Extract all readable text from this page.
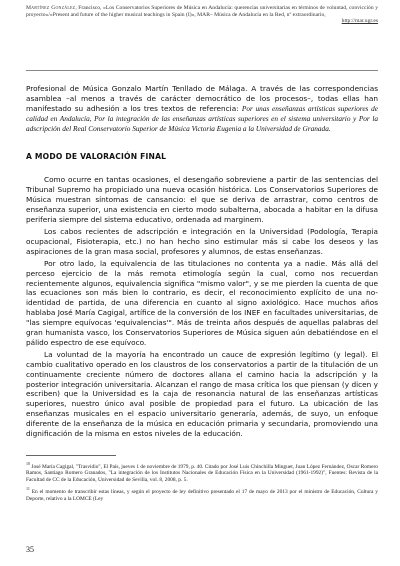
Martínez González, Francisco, «Los Conservatorios Superiores de Música en Andalucía: querencias universitarias en términos de voluntad, convicción y proyecto»/«Present and future of the higher musical teachings in Spain (I)», MAR– Música de Andalucía en la Red, nº extraordinario,
http://mar.ugr.es

Profesional de Música Gonzalo Martín Tenllado de Málaga. A través de las correspondencias asamblea –al menos a través de carácter democrático de los procesos–, todas ellas han manifestado su adhesión a los tres textos de referencia: Por unas enseñanzas artísticas superiores de calidad en Andalucía, Por la integración de las enseñanzas artísticas superiores en el sistema universitario y Por la adscripción del Real Conservatorio Superior de Música Victoria Eugenia a la Universidad de Granada.

A MODO DE VALORACIÓN FINAL

Como ocurre en tantas ocasiones, el desengaño sobreviene a partir de las sentencias del Tribunal Supremo ha propiciado una nueva ocasión histórica. Los Conservatorios Superiores de Música muestran síntomas de cansancio: el que se deriva de arrastrar, como centros de enseñanza superior, una existencia en cierto modo subalterna, abocada a habitar en la difusa periferia siempre del sistema educativo, ordenada ad marginem.

Los cabos recientes de adscripción e integración en la Universidad (Podología, Terapia ocupacional, Fisioterapia, etc.) no han hecho sino estimular más si cabe los deseos y las aspiraciones de la gran masa social, profesores y alumnos, de estas enseñanzas.

Por otro lado, la equivalencia de las titulaciones no contenta ya a nadie. Más allá del perceso ejercicio de la más remota etimología según la cual, como nos recuerdan recientemente algunos, equivalencia significa "mismo valor", y se me pierden la cuenta de que las ecuaciones son más bien lo contrario, es decir, el reconocimiento explícito de una no-identidad de partida, de una diferencia en cuanto al signo axiológico. Hace muchos años hablaba José María Cagigal, artífice de la conversión de los INEF en facultades universitarias, de "las siempre equívocas 'equivalencias'". Más de treinta años después de aquellas palabras del gran humanista vasco, los Conservatorios Superiores de Música siguen aún debatiéndose en el pálido espectro de ese equívoco.

La voluntad de la mayoría ha encontrado un cauce de expresión legítimo (y legal). El cambio cualitativo operado en los claustros de los conservatorios a partir de la titulación de un continuamente creciente número de doctores allana el camino hacia la adscripción y la posterior integración universitaria. Alcanzan el rango de masa crítica los que piensan (y dicen y escriben) que la Universidad es la caja de resonancia natural de las enseñanzas artísticas superiores, nuestro único aval posible de propiedad para el futuro. La ubicación de las enseñanzas musicales en el espacio universitario generaría, además, de suyo, un enfoque diferente de la enseñanza de la música en educación primaria y secundaria, promoviendo una dignificación de la misma en estos niveles de la educación.

$^{10}$ José María Cagigal, "Trasvidio", El País, jueves 1 de noviembre de 1979, p. 40. Citado por José Luis Chinchilla Minguet, Juan López Fernández, Oscar Romero Ramos, Santiago Romero Granados, "La integración de los Institutos Nacionales de Educación Física en la Universidad (1961-1992)", Fuentes: Revista de la Facultad de CC de la Educación, Universidad de Sevilla, vol. 8, 2008, p. 5.

$^{11}$ En el momento de transcribir estas líneas, y según el proyecto de ley definitivo presentado el 17 de mayo de 2013 por el ministro de Educación, Cultura y Deporte, relativo a la LOMCE (Ley

35
